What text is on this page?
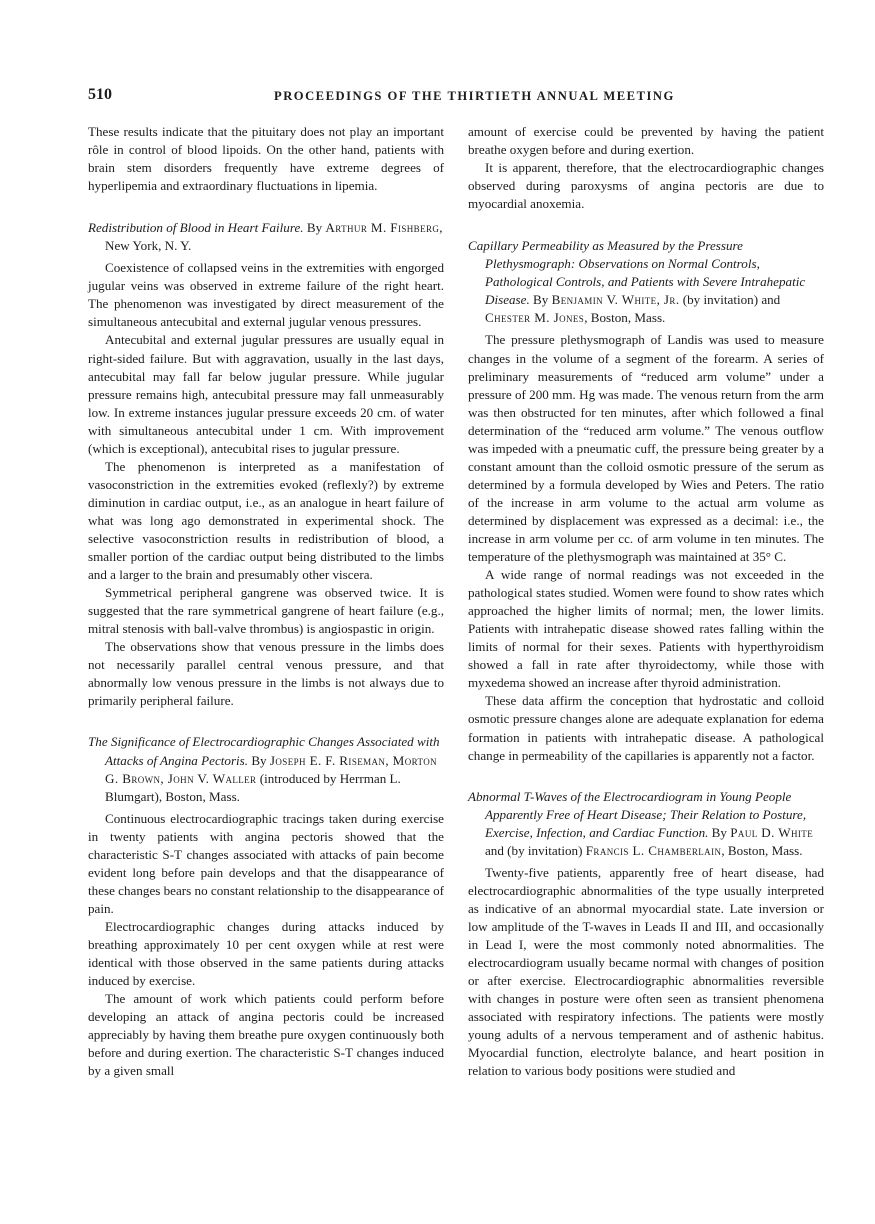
510	PROCEEDINGS OF THE THIRTIETH ANNUAL MEETING

These results indicate that the pituitary does not play an important rôle in control of blood lipoids. On the other hand, patients with brain stem disorders frequently have extreme degrees of hyperlipemia and extraordinary fluctuations in lipemia.

Redistribution of Blood in Heart Failure. By Arthur M. Fishberg, New York, N. Y.

Coexistence of collapsed veins in the extremities with engorged jugular veins was observed in extreme failure of the right heart. The phenomenon was investigated by direct measurement of the simultaneous antecubital and external jugular venous pressures.

Antecubital and external jugular pressures are usually equal in right-sided failure. But with aggravation, usually in the last days, antecubital may fall far below jugular pressure. While jugular pressure remains high, antecubital pressure may fall unmeasurably low. In extreme instances jugular pressure exceeds 20 cm. of water with simultaneous antecubital under 1 cm. With improvement (which is exceptional), antecubital rises to jugular pressure.

The phenomenon is interpreted as a manifestation of vasoconstriction in the extremities evoked (reflexly?) by extreme diminution in cardiac output, i.e., as an analogue in heart failure of what was long ago demonstrated in experimental shock. The selective vasoconstriction results in redistribution of blood, a smaller portion of the cardiac output being distributed to the limbs and a larger to the brain and presumably other viscera.

Symmetrical peripheral gangrene was observed twice. It is suggested that the rare symmetrical gangrene of heart failure (e.g., mitral stenosis with ball-valve thrombus) is angiospastic in origin.

The observations show that venous pressure in the limbs does not necessarily parallel central venous pressure, and that abnormally low venous pressure in the limbs is not always due to primarily peripheral failure.

The Significance of Electrocardiographic Changes Associated with Attacks of Angina Pectoris. By Joseph E. F. Riseman, Morton G. Brown, John V. Waller (introduced by Herrman L. Blumgart), Boston, Mass.

Continuous electrocardiographic tracings taken during exercise in twenty patients with angina pectoris showed that the characteristic S-T changes associated with attacks of pain become evident long before pain develops and that the disappearance of these changes bears no constant relationship to the disappearance of pain.

Electrocardiographic changes during attacks induced by breathing approximately 10 per cent oxygen while at rest were identical with those observed in the same patients during attacks induced by exercise.

The amount of work which patients could perform before developing an attack of angina pectoris could be increased appreciably by having them breathe pure oxygen continuously both before and during exertion. The characteristic S-T changes induced by a given small

amount of exercise could be prevented by having the patient breathe oxygen before and during exertion.

It is apparent, therefore, that the electrocardiographic changes observed during paroxysms of angina pectoris are due to myocardial anoxemia.

Capillary Permeability as Measured by the Pressure Plethysmograph: Observations on Normal Controls, Pathological Controls, and Patients with Severe Intrahepatic Disease. By Benjamin V. White, Jr. (by invitation) and Chester M. Jones, Boston, Mass.

The pressure plethysmograph of Landis was used to measure changes in the volume of a segment of the forearm. A series of preliminary measurements of “reduced arm volume” under a pressure of 200 mm. Hg was made. The venous return from the arm was then obstructed for ten minutes, after which followed a final determination of the “reduced arm volume.” The venous outflow was impeded with a pneumatic cuff, the pressure being greater by a constant amount than the colloid osmotic pressure of the serum as determined by a formula developed by Wies and Peters. The ratio of the increase in arm volume to the actual arm volume as determined by displacement was expressed as a decimal: i.e., the increase in arm volume per cc. of arm volume in ten minutes. The temperature of the plethysmograph was maintained at 35° C.

A wide range of normal readings was not exceeded in the pathological states studied. Women were found to show rates which approached the higher limits of normal; men, the lower limits. Patients with intrahepatic disease showed rates falling within the limits of normal for their sexes. Patients with hyperthyroidism showed a fall in rate after thyroidectomy, while those with myxedema showed an increase after thyroid administration.

These data affirm the conception that hydrostatic and colloid osmotic pressure changes alone are adequate explanation for edema formation in patients with intrahepatic disease. A pathological change in permeability of the capillaries is apparently not a factor.

Abnormal T-Waves of the Electrocardiogram in Young People Apparently Free of Heart Disease; Their Relation to Posture, Exercise, Infection, and Cardiac Function. By Paul D. White and (by invitation) Francis L. Chamberlain, Boston, Mass.

Twenty-five patients, apparently free of heart disease, had electrocardiographic abnormalities of the type usually interpreted as indicative of an abnormal myocardial state. Late inversion or low amplitude of the T-waves in Leads II and III, and occasionally in Lead I, were the most commonly noted abnormalities. The electrocardiogram usually became normal with changes of position or after exercise. Electrocardiographic abnormalities reversible with changes in posture were often seen as transient phenomena associated with respiratory infections. The patients were mostly young adults of a nervous temperament and of asthenic habitus. Myocardial function, electrolyte balance, and heart position in relation to various body positions were studied and
